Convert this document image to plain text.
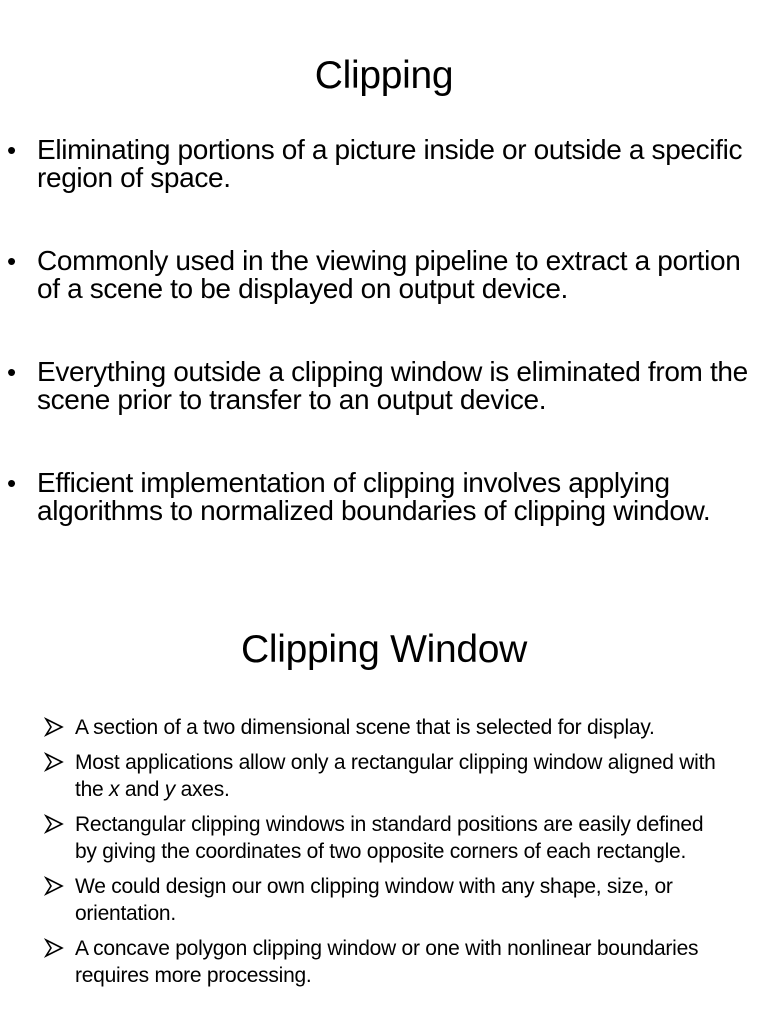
Clipping
• Eliminating portions of a picture inside or outside a specific region of space.
• Commonly used in the viewing pipeline to extract a portion of a scene to be displayed on output device.
• Everything outside a clipping window is eliminated from the scene prior to transfer to an output device.
• Efficient implementation of clipping involves applying algorithms to normalized boundaries of clipping window.
Clipping Window
A section of a two dimensional scene that is selected for display.
Most applications allow only a rectangular clipping window aligned with the x and y axes.
Rectangular clipping windows in standard positions are easily defined by giving the coordinates of two opposite corners of each rectangle.
We could design our own clipping window with any shape, size, or orientation.
A concave polygon clipping window or one with nonlinear boundaries requires more processing.
